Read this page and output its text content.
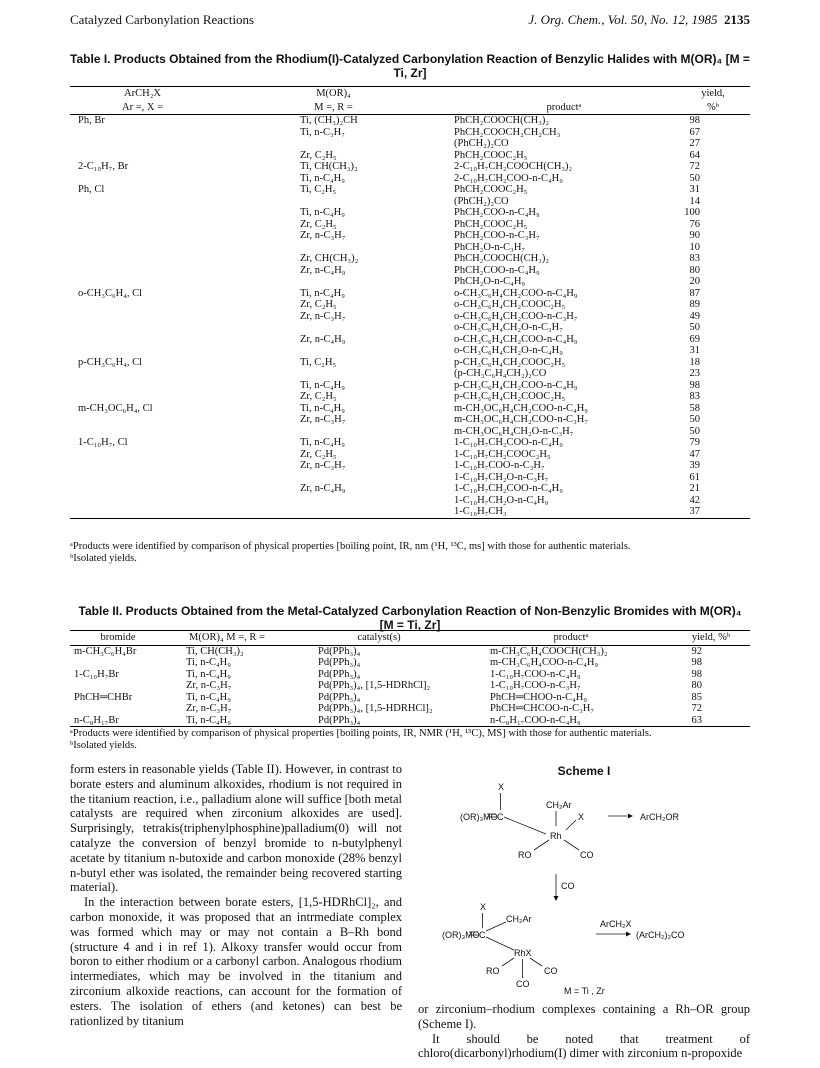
Catalyzed Carbonylation Reactions	J. Org. Chem., Vol. 50, No. 12, 1985 2135
Table I. Products Obtained from the Rhodium(I)-Catalyzed Carbonylation Reaction of Benzylic Halides with M(OR)₄ [M = Ti, Zr]
ArCH₂X	M(OR)₄		yield,
Ar =, X =	M =, R =	productᵃ	%ᵇ
Ph, Br	Ti, (CH₃)₂CH	PhCH₂COOCH(CH₃)₂	98
	Ti, n-C₃H₇	PhCH₂COOCH₂CH₂CH₃	67
		(PhCH₂)₂CO	27
	Zr, C₂H₅	PhCH₂COOC₂H₅	64
2-C₁₀H₇, Br	Ti, CH(CH₃)₂	2-C₁₀H₇CH₂COOCH(CH₃)₂	72
	Ti, n-C₄H₉	2-C₁₀H₇CH₂COO-n-C₄H₉	50
Ph, Cl	Ti, C₂H₅	PhCH₂COOC₂H₅	31
		(PhCH₂)₂CO	14
	Ti, n-C₄H₉	PhCH₂COO-n-C₄H₉	100
	Zr, C₂H₅	PhCH₂COOC₂H₅	76
	Zr, n-C₃H₇	PhCH₂COO-n-C₃H₇	90
		PhCH₂O-n-C₃H₇	10
	Zr, CH(CH₃)₂	PhCH₂COOCH(CH₃)₂	83
	Zr, n-C₄H₉	PhCH₂COO-n-C₄H₉	80
		PhCH₂O-n-C₄H₉	20
o-CH₃C₆H₄, Cl	Ti, n-C₄H₉	o-CH₃C₆H₄CH₂COO-n-C₄H₉	87
	Zr, C₂H₅	o-CH₃C₆H₄CH₂COOC₂H₅	89
	Zr, n-C₃H₇	o-CH₃C₆H₄CH₂COO-n-C₃H₇	49
		o-CH₃C₆H₄CH₂O-n-C₃H₇	50
	Zr, n-C₄H₉	o-CH₃C₆H₄CH₂COO-n-C₄H₉	69
		o-CH₃C₆H₄CH₂O-n-C₄H₉	31
p-CH₃C₆H₄, Cl	Ti, C₂H₅	p-CH₃C₆H₄CH₂COOC₂H₅	18
		(p-CH₃C₆H₄CH₂)₂CO	23
	Ti, n-C₄H₉	p-CH₃C₆H₄CH₂COO-n-C₄H₉	98
	Zr, C₂H₅	p-CH₃C₆H₄CH₂COOC₂H₅	83
m-CH₃OC₆H₄, Cl	Ti, n-C₄H₉	m-CH₃OC₆H₄CH₂COO-n-C₄H₉	58
	Zr, n-C₃H₇	m-CH₃OC₆H₄CH₂COO-n-C₃H₇	50
		m-CH₃OC₆H₄CH₂O-n-C₃H₇	50
1-C₁₀H₇, Cl	Ti, n-C₄H₉	1-C₁₀H₇CH₂COO-n-C₄H₉	79
	Zr, C₂H₅	1-C₁₀H₇CH₂COOC₂H₅	47
	Zr, n-C₃H₇	1-C₁₀H₇COO-n-C₃H₇	39
		1-C₁₀H₇CH₂O-n-C₃H₇	61
	Zr, n-C₄H₉	1-C₁₀H₇CH₂COO-n-C₄H₉	21
		1-C₁₀H₇CH₂O-n-C₄H₉	42
		1-C₁₀H₇CH₃	37
ᵃProducts were identified by comparison of physical properties [boiling point, IR, nm (¹H, ¹³C, ms] with those for authentic materials.
ᵇIsolated yields.
Table II. Products Obtained from the Metal-Catalyzed Carbonylation Reaction of Non-Benzylic Bromides with M(OR)₄ [M = Ti, Zr]
bromide	M(OR)₄ M =, R =	catalyst(s)	productᵃ	yield, %ᵇ
m-CH₃C₆H₄Br	Ti, CH(CH₃)₂	Pd(PPh₃)₄	m-CH₃C₆H₄COOCH(CH₃)₂	92
	Ti, n-C₄H₉	Pd(PPh₃)₄	m-CH₃C₆H₄COO-n-C₄H₉	98
1-C₁₀H₇Br	Ti, n-C₄H₉	Pd(PPh₃)₄	1-C₁₀H₇COO-n-C₄H₉	98
	Zr, n-C₃H₇	Pd(PPh₃)₄, [1,5-HDRhCl]₂	1-C₁₀H₇COO-n-C₃H₇	80
PhCH═CHBr	Ti, n-C₄H₉	Pd(PPh₃)₄	PhCH═CHOO-n-C₄H₉	85
	Zr, n-C₃H₇	Pd(PPh₃)₄, [1,5-HDRHCl]₂	PhCH═CHCOO-n-C₃H₇	72
n-C₈H₁₇Br	Ti, n-C₄H₉	Pd(PPh₃)₄	n-C₈H₁₇COO-n-C₄H₉	63
ᵃProducts were identified by comparison of physical properties [boiling points, IR, NMR (¹H, ¹³C), MS] with those for authentic materials.
ᵇIsolated yields.

form esters in reasonable yields (Table II). However, in contrast to borate esters and aluminum alkoxides, rhodium is not required in the titanium reaction, i.e., palladium alone will suffice [both metal catalysts are required when zirconium alkoxides are used]. Surprisingly, tetrakis(triphenylphosphine)palladium(0) will not catalyze the conversion of benzyl bromide to n-butylphenyl acetate by titanium n-butoxide and carbon monoxide (28% benzyl n-butyl ether was isolated, the remainder being recovered starting material).

In the interaction between borate esters, [1,5-HDRhCl]₂, and carbon monoxide, it was proposed that an intrmediate complex was formed which may or may not contain a B–Rh bond (structure 4 and i in ref 1). Alkoxy transfer would occur from boron to either rhodium or a carbonyl carbon. Analogous rhodium intermediates, which may be involved in the titanium and zirconium alkoxide reactions, can account for the formation of esters. The isolation of ethers (and ketones) can best be rationlized by titanium

Scheme I
X
(OR)₃MO C
CH₂Ar
X
Rh
RO	CO
ArCH₂OR
CO
X
(OR)₃MO C
CH₂Ar
RhX
RO	CO
CO
ArCH₂X
(ArCH₂)₂CO
M = Ti , Zr

or zirconium–rhodium complexes containing a Rh–OR group (Scheme I).

It should be noted that treatment of chloro(dicarbonyl)rhodium(I) dimer with zirconium n-propoxide
